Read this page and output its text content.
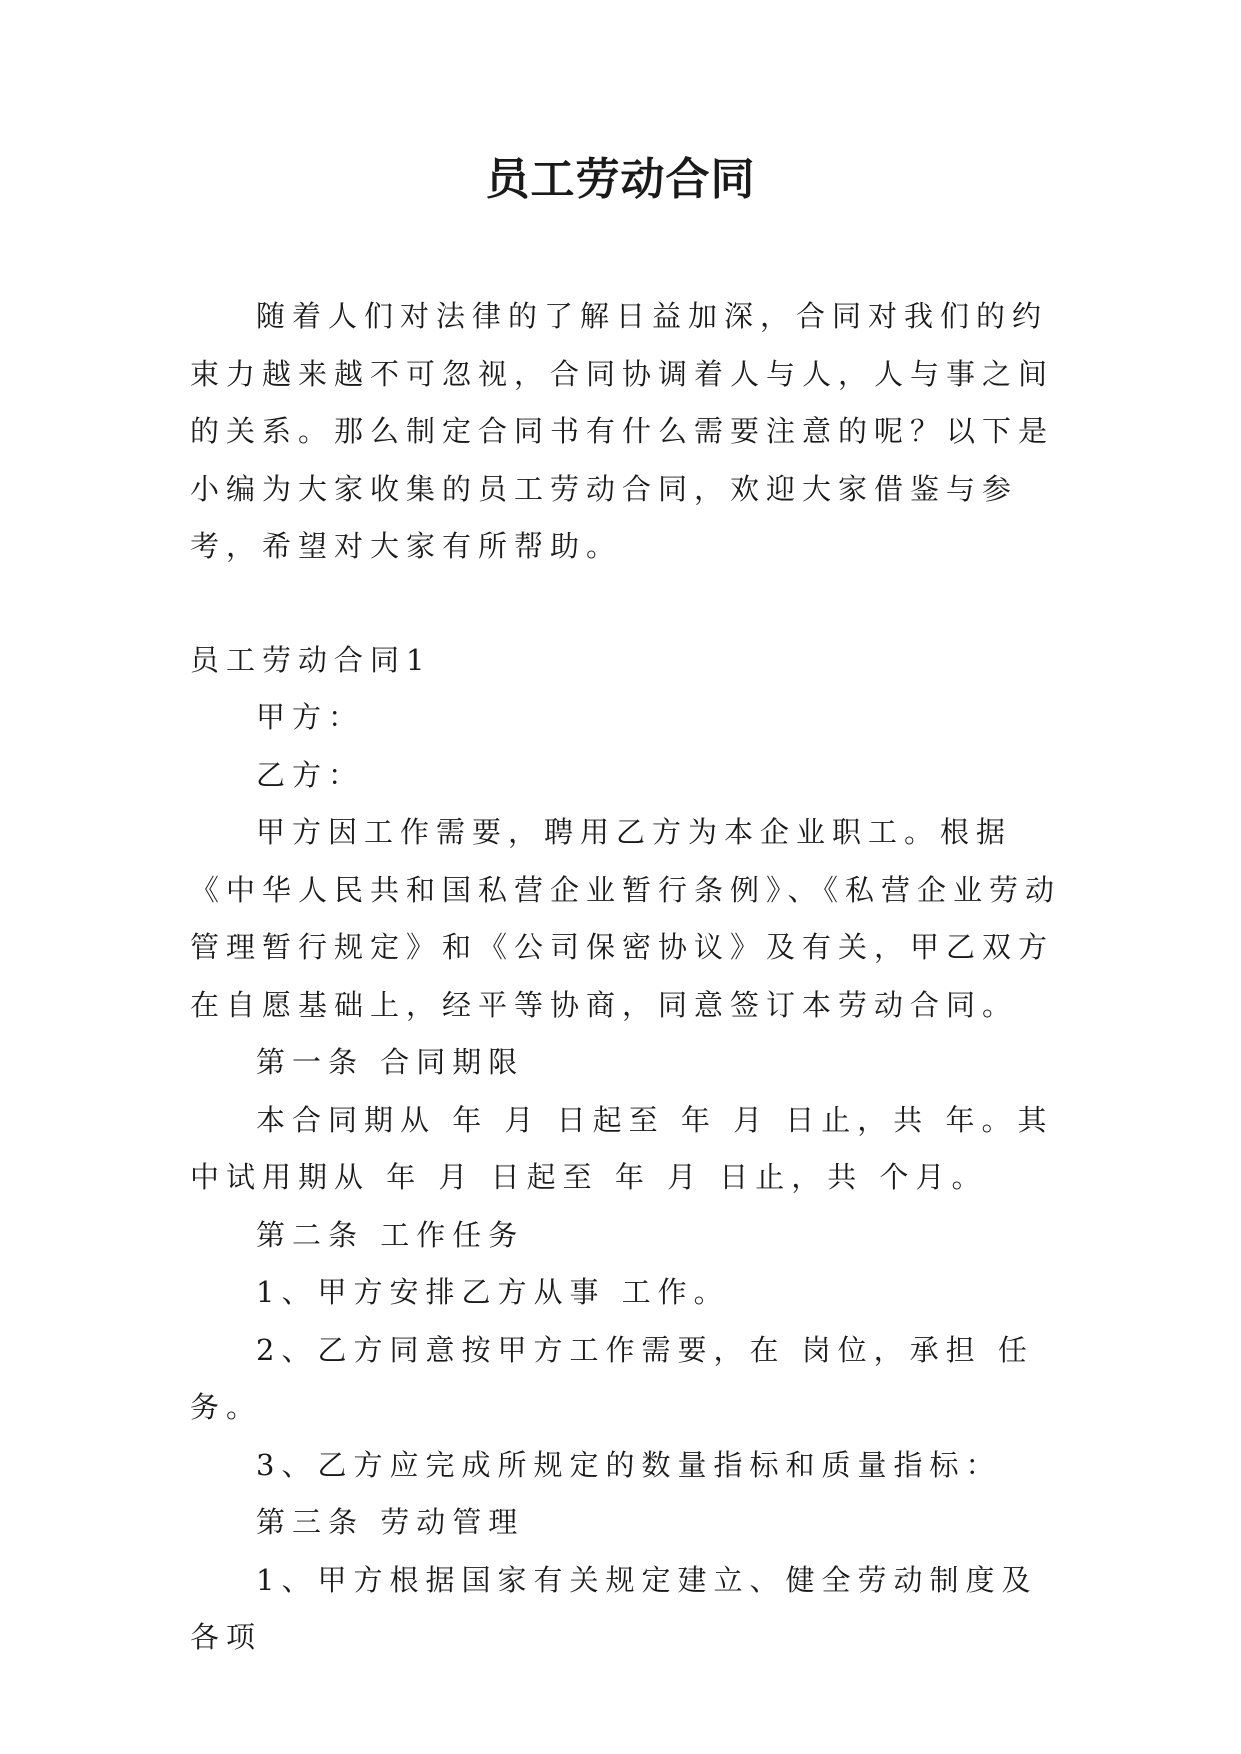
员工劳动合同

随着人们对法律的了解日益加深，合同对我们的约束力越来越不可忽视，合同协调着人与人，人与事之间的关系。那么制定合同书有什么需要注意的呢？以下是小编为大家收集的员工劳动合同，欢迎大家借鉴与参考，希望对大家有所帮助。

员工劳动合同1

甲方：

乙方：

甲方因工作需要，聘用乙方为本企业职工。根据《中华人民共和国私营企业暂行条例》、《私营企业劳动管理暂行规定》和《公司保密协议》及有关，甲乙双方在自愿基础上，经平等协商，同意签订本劳动合同。

第一条 合同期限

本合同期从 年 月 日起至 年 月 日止，共 年。其中试用期从 年 月 日起至 年 月 日止，共 个月。

第二条 工作任务

1、甲方安排乙方从事 工作。

2、乙方同意按甲方工作需要，在 岗位，承担 任务。

3、乙方应完成所规定的数量指标和质量指标：

第三条 劳动管理

1、甲方根据国家有关规定建立、健全劳动制度及各项
